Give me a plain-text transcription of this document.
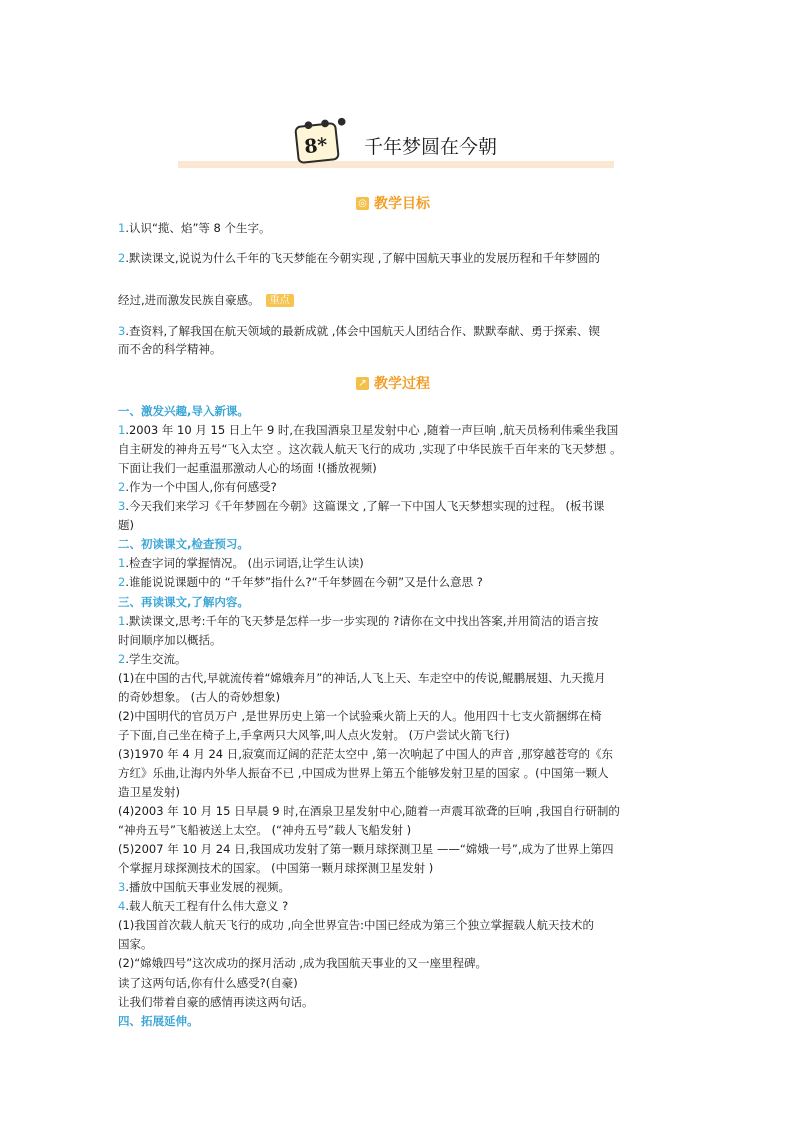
●●●
8* 千年梦圆在今朝
◎ 教学目标
1.认识“揽、焰”等 8 个生字。
2.默读课文,说说为什么千年的飞天梦能在今朝实现 ,了解中国航天事业的发展历程和千年梦圆的
经过,进而激发民族自豪感。 重点
3.查资料,了解我国在航天领域的最新成就 ,体会中国航天人团结合作、默默奉献、勇于探索、锲
而不舍的科学精神。
↗ 教学过程
一、激发兴趣,导入新课。
1.2003 年 10 月 15 日上午 9 时,在我国酒泉卫星发射中心 ,随着一声巨响 ,航天员杨利伟乘坐我国
自主研发的神舟五号“飞入太空 。这次载人航天飞行的成功 ,实现了中华民族千百年来的飞天梦想 。
下面让我们一起重温那激动人心的场面 !(播放视频)
2.作为一个中国人,你有何感受?
3.今天我们来学习《千年梦圆在今朝》这篇课文 ,了解一下中国人飞天梦想实现的过程。 (板书课
题)
二、初读课文,检查预习。
1.检查字词的掌握情况。 (出示词语,让学生认读)
2.谁能说说课题中的 “千年梦”指什么?“千年梦圆在今朝”又是什么意思 ?
三、再读课文,了解内容。
1.默读课文,思考:千年的飞天梦是怎样一步一步实现的 ?请你在文中找出答案,并用简洁的语言按
时间顺序加以概括。
2.学生交流。
(1)在中国的古代,早就流传着“嫦娥奔月”的神话,人飞上天、车走空中的传说,鲲鹏展翅、九天揽月
的奇妙想象。 (古人的奇妙想象)
(2)中国明代的官员万户 ,是世界历史上第一个试验乘火箭上天的人。他用四十七支火箭捆绑在椅
子下面,自己坐在椅子上,手拿两只大风筝,叫人点火发射。 (万户尝试火箭飞行)
(3)1970 年 4 月 24 日,寂寞而辽阔的茫茫太空中 ,第一次响起了中国人的声音 ,那穿越苍穹的《东
方红》乐曲,让海内外华人振奋不已 ,中国成为世界上第五个能够发射卫星的国家 。(中国第一颗人
造卫星发射)
(4)2003 年 10 月 15 日早晨 9 时,在酒泉卫星发射中心,随着一声震耳欲聋的巨响 ,我国自行研制的
“神舟五号”飞船被送上太空。 (“神舟五号”载人飞船发射 )
(5)2007 年 10 月 24 日,我国成功发射了第一颗月球探测卫星 ——“嫦娥一号”,成为了世界上第四
个掌握月球探测技术的国家。 (中国第一颗月球探测卫星发射 )
3.播放中国航天事业发展的视频。
4.载人航天工程有什么伟大意义 ?
(1)我国首次载人航天飞行的成功 ,向全世界宣告:中国已经成为第三个独立掌握载人航天技术的
国家。
(2)“嫦娥四号”这次成功的探月活动 ,成为我国航天事业的又一座里程碑。
读了这两句话,你有什么感受?(自豪)
让我们带着自豪的感情再读这两句话。
四、拓展延伸。
